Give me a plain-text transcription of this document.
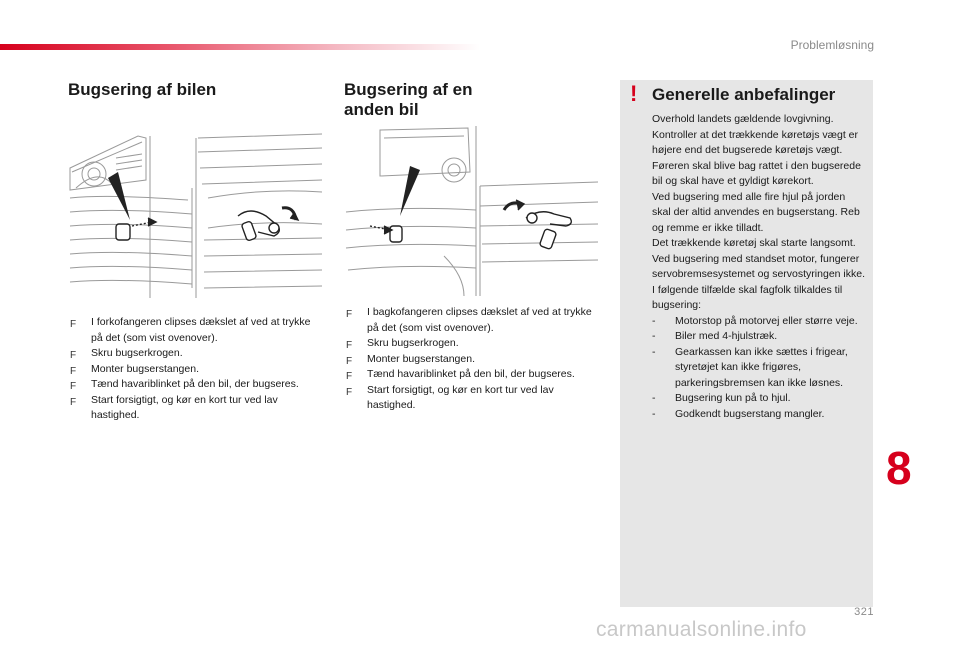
Problemløsning
Bugsering af bilen
F I forkofangeren clipses dækslet af ved at trykke på det (som vist ovenover).
F Skru bugserkrogen.
F Monter bugserstangen.
F Tænd havariblinket på den bil, der bugseres.
F Start forsigtigt, og kør en kort tur ved lav hastighed.
Bugsering af en anden bil
F I bagkofangeren clipses dækslet af ved at trykke på det (som vist ovenover).
F Skru bugserkrogen.
F Monter bugserstangen.
F Tænd havariblinket på den bil, der bugseres.
F Start forsigtigt, og kør en kort tur ved lav hastighed.
! Generelle anbefalinger

Overhold landets gældende lovgivning.

Kontroller at det trækkende køretøjs vægt er højere end det bugserede køretøjs vægt.

Føreren skal blive bag rattet i den bugserede bil og skal have et gyldigt kørekort.

Ved bugsering med alle fire hjul på jorden skal der altid anvendes en bugserstang. Reb og remme er ikke tilladt.

Det trækkende køretøj skal starte langsomt.

Ved bugsering med standset motor, fungerer servobremsesystemet og servostyringen ikke.

I følgende tilfælde skal fagfolk tilkaldes til bugsering:

- Motorstop på motorvej eller større veje.
- Biler med 4-hjulstræk.
- Gearkassen kan ikke sættes i frigear, styretøjet kan ikke frigøres, parkeringsbremsen kan ikke løsnes.
- Bugsering kun på to hjul.
- Godkendt bugserstang mangler.
8
321
carmanualsonline.info
